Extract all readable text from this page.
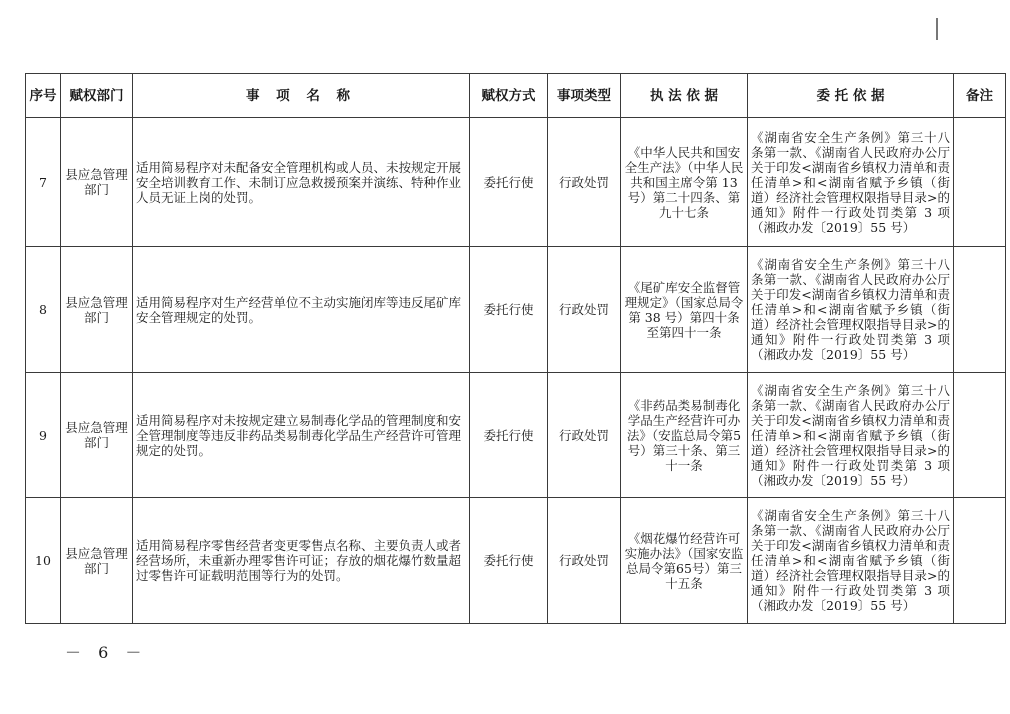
序号	赋权部门	事 项 名 称	赋权方式	事项类型	执 法 依 据	委 托 依 据	备注
7	县应急管理部门	适用简易程序对未配备安全管理机构或人员、未按规定开展安全培训教育工作、未制订应急救援预案并演练、特种作业人员无证上岗的处罚。	委托行使	行政处罚	《中华人民共和国安全生产法》（中华人民共和国主席令第 13 号）第二十四条、第九十七条	《湖南省安全生产条例》第三十八条第一款、《湖南省人民政府办公厅关于印发<湖南省乡镇权力清单和责任清单>和<湖南省赋予乡镇（街道）经济社会管理权限指导目录>的通知》附件一行政处罚类第 3 项（湘政办发〔2019〕55 号）	
8	县应急管理部门	适用简易程序对生产经营单位不主动实施闭库等违反尾矿库安全管理规定的处罚。	委托行使	行政处罚	《尾矿库安全监督管理规定》（国家总局令第 38 号）第四十条至第四十一条	《湖南省安全生产条例》第三十八条第一款、《湖南省人民政府办公厅关于印发<湖南省乡镇权力清单和责任清单>和<湖南省赋予乡镇（街道）经济社会管理权限指导目录>的通知》附件一行政处罚类第 3 项（湘政办发〔2019〕55 号）	
9	县应急管理部门	适用简易程序对未按规定建立易制毒化学品的管理制度和安全管理制度等违反非药品类易制毒化学品生产经营许可管理规定的处罚。	委托行使	行政处罚	《非药品类易制毒化学品生产经营许可办法》（安监总局令第5号）第三十条、第三十一条	《湖南省安全生产条例》第三十八条第一款、《湖南省人民政府办公厅关于印发<湖南省乡镇权力清单和责任清单>和<湖南省赋予乡镇（街道）经济社会管理权限指导目录>的通知》附件一行政处罚类第 3 项（湘政办发〔2019〕55 号）	
10	县应急管理部门	适用简易程序零售经营者变更零售点名称、主要负责人或者经营场所，未重新办理零售许可证；存放的烟花爆竹数量超过零售许可证载明范围等行为的处罚。	委托行使	行政处罚	《烟花爆竹经营许可实施办法》（国家安监总局令第65号）第三十五条	《湖南省安全生产条例》第三十八条第一款、《湖南省人民政府办公厅关于印发<湖南省乡镇权力清单和责任清单>和<湖南省赋予乡镇（街道）经济社会管理权限指导目录>的通知》附件一行政处罚类第 3 项（湘政办发〔2019〕55 号）	
－ 6 －
